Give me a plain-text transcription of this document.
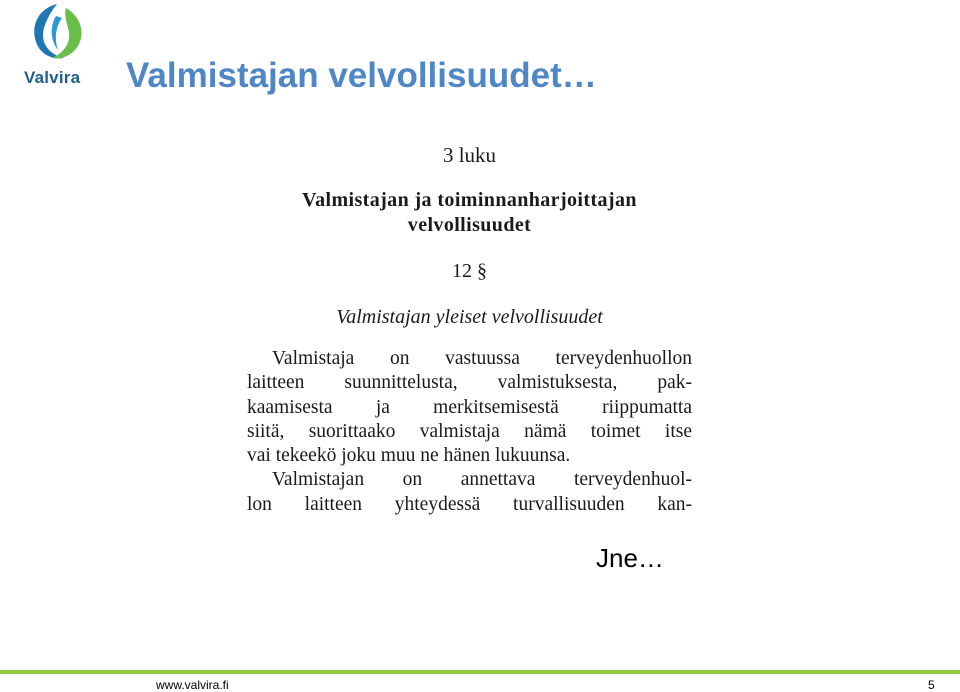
Valvira	Valmistajan velvollisuudet…
3 luku
Valmistajan ja toiminnanharjoittajan
velvollisuudet
12 §
Valmistajan yleiset velvollisuudet
Valmistaja on vastuussa terveydenhuollon
laitteen suunnittelusta, valmistuksesta, pak-
kaamisesta ja merkitsemisestä riippumatta
siitä, suorittaako valmistaja nämä toimet itse
vai tekeekö joku muu ne hänen lukuunsa.
Valmistajan on annettava terveydenhuol-
lon laitteen yhteydessä turvallisuuden kan-
Jne…
www.valvira.fi	5
